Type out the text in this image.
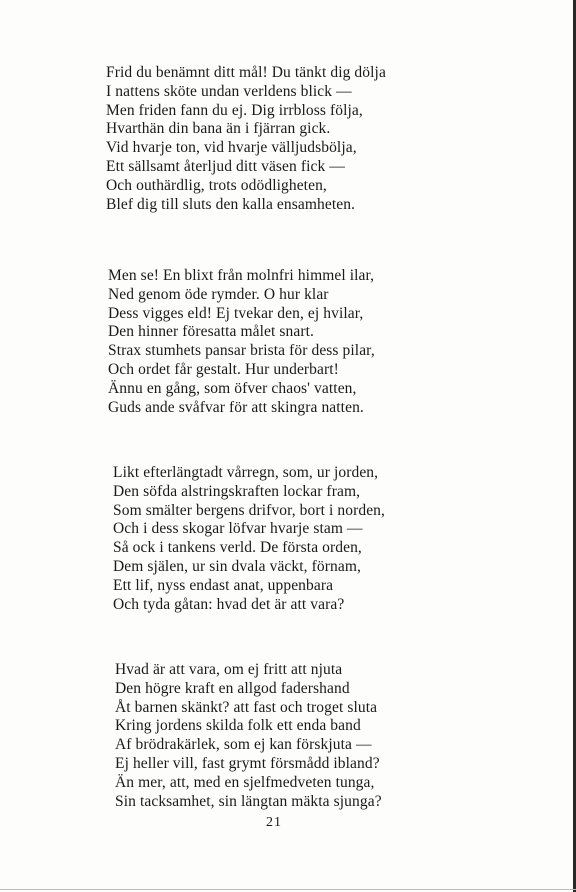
Frid du benämnt ditt mål! Du tänkt dig dölja
I nattens sköte undan verldens blick —
Men friden fann du ej. Dig irrbloss följa,
Hvarthän din bana än i fjärran gick.
Vid hvarje ton, vid hvarje välljudsbölja,
Ett sällsamt återljud ditt väsen fick —
Och outhärdlig, trots odödligheten,
Blef dig till sluts den kalla ensamheten.
Men se! En blixt från molnfri himmel ilar,
Ned genom öde rymder. O hur klar
Dess vigges eld! Ej tvekar den, ej hvilar,
Den hinner föresatta målet snart.
Strax stumhets pansar brista för dess pilar,
Och ordet får gestalt. Hur underbart!
Ännu en gång, som öfver chaos' vatten,
Guds ande svåfvar för att skingra natten.
Likt efterlängtadt vårregn, som, ur jorden,
Den söfda alstringskraften lockar fram,
Som smälter bergens drifvor, bort i norden,
Och i dess skogar löfvar hvarje stam —
Så ock i tankens verld. De första orden,
Dem själen, ur sin dvala väckt, förnam,
Ett lif, nyss endast anat, uppenbara
Och tyda gåtan: hvad det är att vara?
Hvad är att vara, om ej fritt att njuta
Den högre kraft en allgod fadershand
Åt barnen skänkt? att fast och troget sluta
Kring jordens skilda folk ett enda band
Af brödrakärlek, som ej kan förskjuta —
Ej heller vill, fast grymt försmådd ibland?
Än mer, att, med en sjelfmedveten tunga,
Sin tacksamhet, sin längtan mäkta sjunga?
21
